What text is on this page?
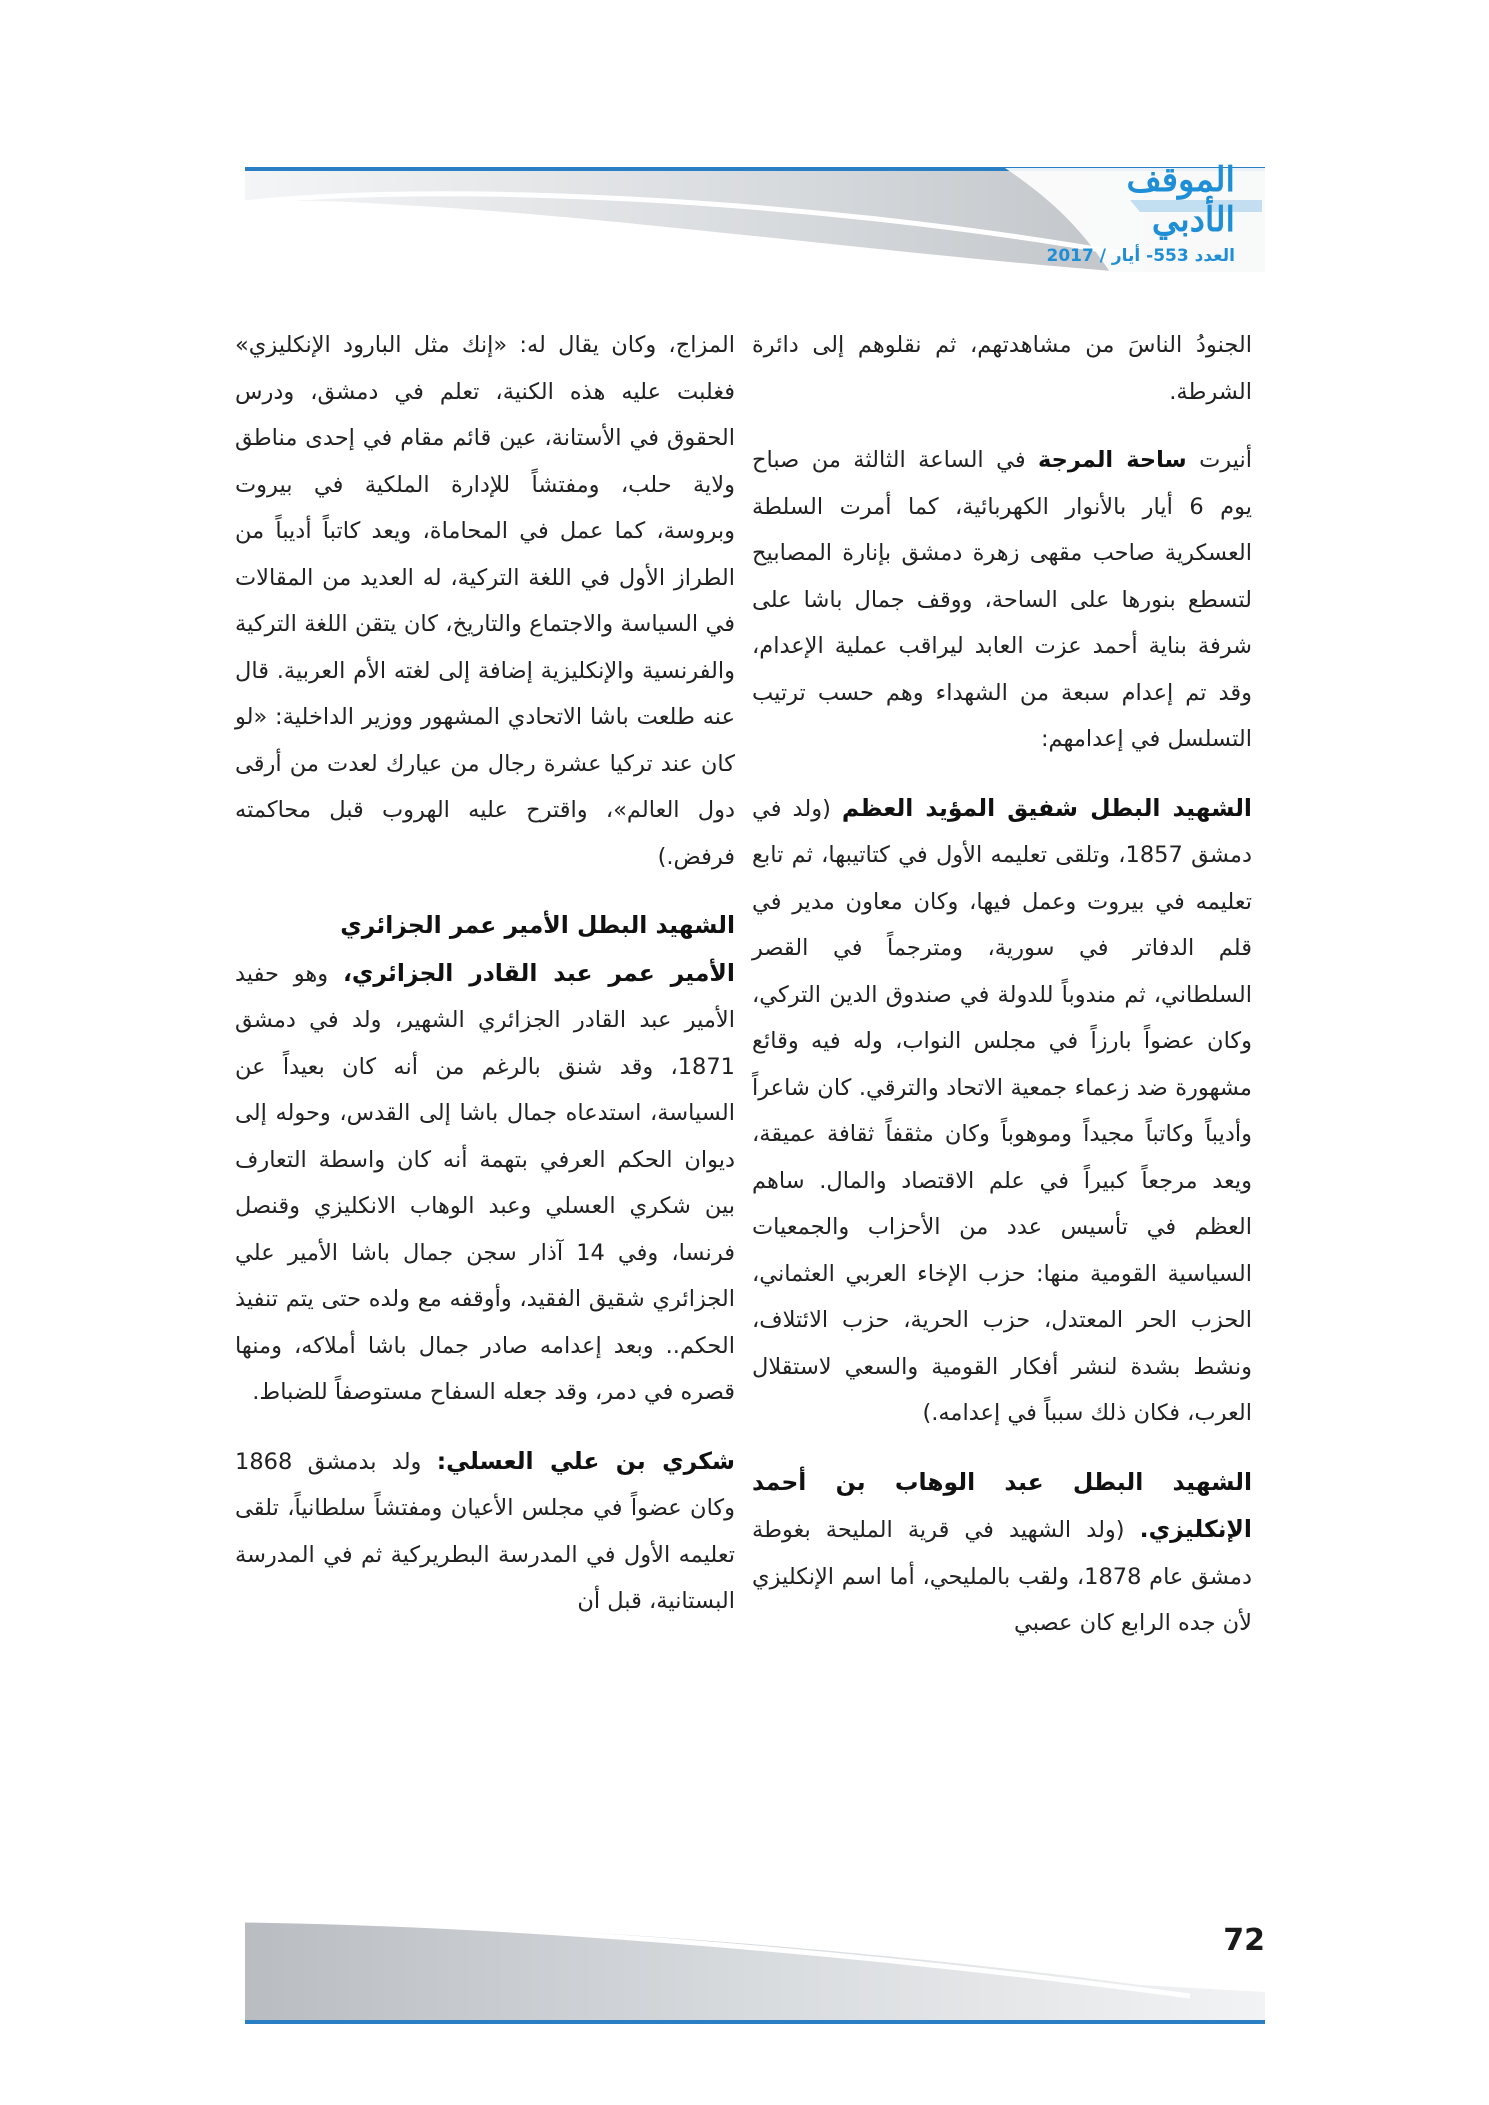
الموقف الأدبي
العدد 553- أيار / 2017

الجنودُ الناسَ من مشاهدتهم، ثم نقلوهم إلى دائرة الشرطة.

أنيرت ساحة المرجة في الساعة الثالثة من صباح يوم 6 أيار بالأنوار الكهربائية، كما أمرت السلطة العسكرية صاحب مقهى زهرة دمشق بإنارة المصابيح لتسطع بنورها على الساحة، ووقف جمال باشا على شرفة بناية أحمد عزت العابد ليراقب عملية الإعدام، وقد تم إعدام سبعة من الشهداء وهم حسب ترتيب التسلسل في إعدامهم:

الشهيد البطل شفيق المؤيد العظم (ولد في دمشق 1857، وتلقى تعليمه الأول في كتاتيبها، ثم تابع تعليمه في بيروت وعمل فيها، وكان معاون مدير في قلم الدفاتر في سورية، ومترجماً في القصر السلطاني، ثم مندوباً للدولة في صندوق الدين التركي، وكان عضواً بارزاً في مجلس النواب، وله فيه وقائع مشهورة ضد زعماء جمعية الاتحاد والترقي. كان شاعراً وأديباً وكاتباً مجيداً وموهوباً وكان مثقفاً ثقافة عميقة، ويعد مرجعاً كبيراً في علم الاقتصاد والمال. ساهم العظم في تأسيس عدد من الأحزاب والجمعيات السياسية القومية منها: حزب الإخاء العربي العثماني، الحزب الحر المعتدل، حزب الحرية، حزب الائتلاف، ونشط بشدة لنشر أفكار القومية والسعي لاستقلال العرب، فكان ذلك سبباً في إعدامه.)

الشهيد البطل عبد الوهاب بن أحمد الإنكليزي. (ولد الشهيد في قرية المليحة بغوطة دمشق عام 1878، ولقب بالمليحي، أما اسم الإنكليزي لأن جده الرابع كان عصبي

المزاج، وكان يقال له: «إنك مثل البارود الإنكليزي» فغلبت عليه هذه الكنية، تعلم في دمشق، ودرس الحقوق في الأستانة، عين قائم مقام في إحدى مناطق ولاية حلب، ومفتشاً للإدارة الملكية في بيروت وبروسة، كما عمل في المحاماة، ويعد كاتباً أديباً من الطراز الأول في اللغة التركية، له العديد من المقالات في السياسة والاجتماع والتاريخ، كان يتقن اللغة التركية والفرنسية والإنكليزية إضافة إلى لغته الأم العربية. قال عنه طلعت باشا الاتحادي المشهور ووزير الداخلية: «لو كان عند تركيا عشرة رجال من عيارك لعدت من أرقى دول العالم»، واقترح عليه الهروب قبل محاكمته فرفض.)

الشهيد البطل الأمير عمر الجزائري
الأمير عمر عبد القادر الجزائري، وهو حفيد الأمير عبد القادر الجزائري الشهير، ولد في دمشق 1871، وقد شنق بالرغم من أنه كان بعيداً عن السياسة، استدعاه جمال باشا إلى القدس، وحوله إلى ديوان الحكم العرفي بتهمة أنه كان واسطة التعارف بين شكري العسلي وعبد الوهاب الانكليزي وقنصل فرنسا، وفي 14 آذار سجن جمال باشا الأمير علي الجزائري شقيق الفقيد، وأوقفه مع ولده حتى يتم تنفيذ الحكم.. وبعد إعدامه صادر جمال باشا أملاكه، ومنها قصره في دمر، وقد جعله السفاح مستوصفاً للضباط.

شكري بن علي العسلي: ولد بدمشق 1868 وكان عضواً في مجلس الأعيان ومفتشاً سلطانياً، تلقى تعليمه الأول في المدرسة البطريركية ثم في المدرسة البستانية، قبل أن

72
